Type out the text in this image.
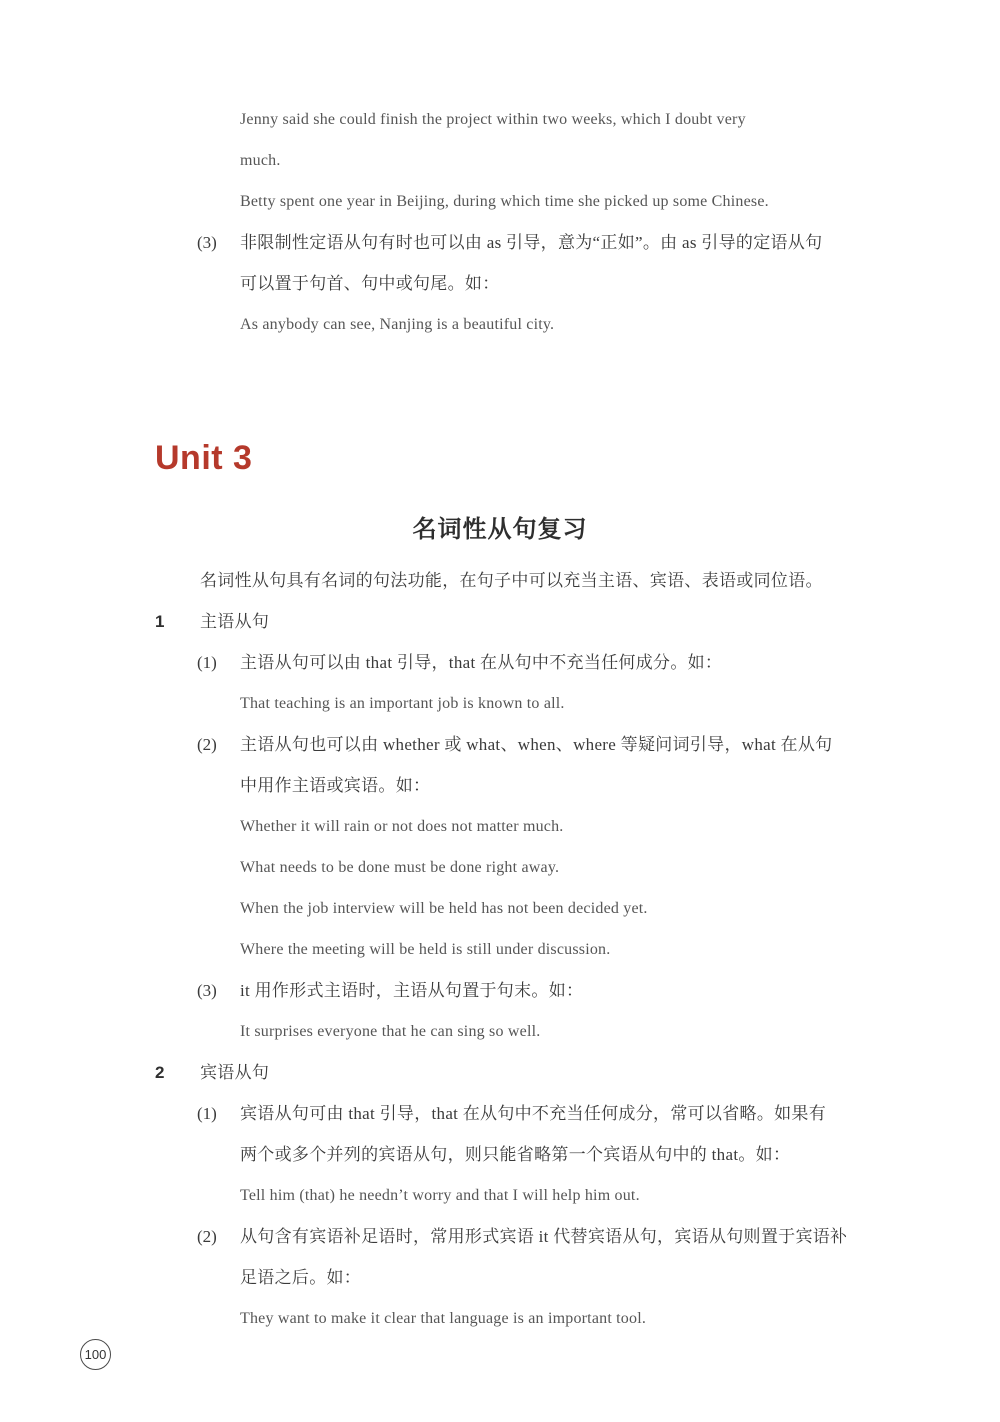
Jenny said she could finish the project within two weeks, which I doubt very
much.
Betty spent one year in Beijing, during which time she picked up some Chinese.
(3) 非限制性定语从句有时也可以由 as 引导，意为“正如”。由 as 引导的定语从句
可以置于句首、句中或句尾。如：
As anybody can see, Nanjing is a beautiful city.
Unit 3
名词性从句复习
名词性从句具有名词的句法功能，在句子中可以充当主语、宾语、表语或同位语。
1 主语从句
(1) 主语从句可以由 that 引导，that 在从句中不充当任何成分。如：
That teaching is an important job is known to all.
(2) 主语从句也可以由 whether 或 what、when、where 等疑问词引导，what 在从句
中用作主语或宾语。如：
Whether it will rain or not does not matter much.
What needs to be done must be done right away.
When the job interview will be held has not been decided yet.
Where the meeting will be held is still under discussion.
(3) it 用作形式主语时，主语从句置于句末。如：
It surprises everyone that he can sing so well.
2 宾语从句
(1) 宾语从句可由 that 引导，that 在从句中不充当任何成分，常可以省略。如果有
两个或多个并列的宾语从句，则只能省略第一个宾语从句中的 that。如：
Tell him (that) he needn’t worry and that I will help him out.
(2) 从句含有宾语补足语时，常用形式宾语 it 代替宾语从句，宾语从句则置于宾语补
足语之后。如：
They want to make it clear that language is an important tool.
100
